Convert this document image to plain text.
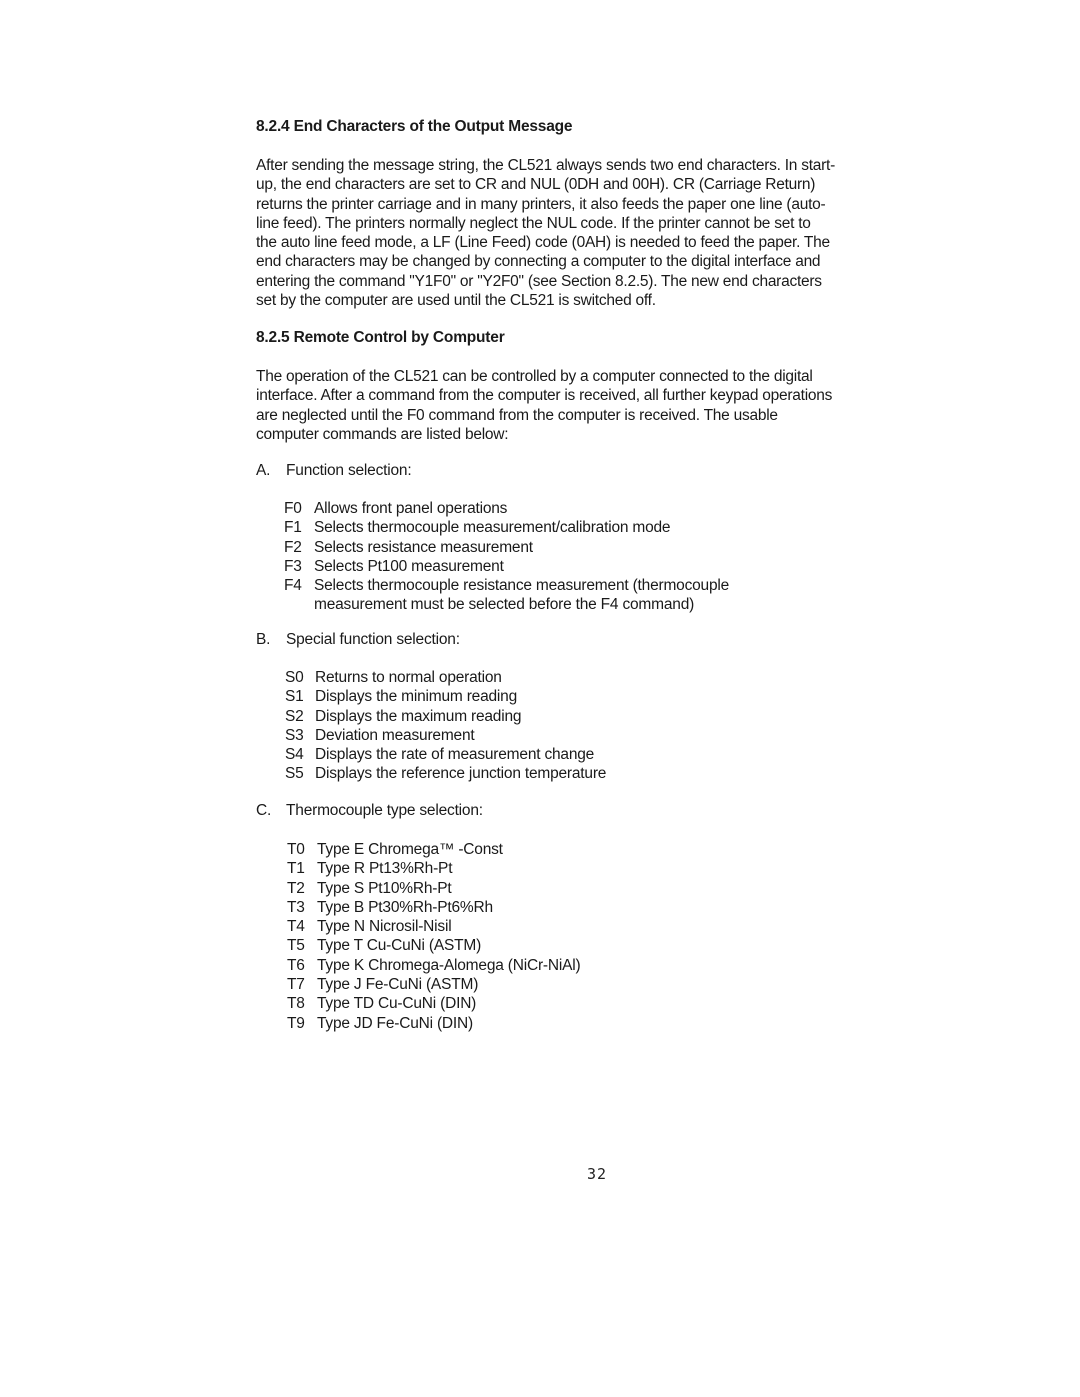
8.2.4 End Characters of the Output Message
After sending the message string, the CL521 always sends two end characters. In start-
up, the end characters are set to CR and NUL (0DH and 00H). CR (Carriage Return)
returns the printer carriage and in many printers, it also feeds the paper one line (auto-
line feed). The printers normally neglect the NUL code. If the printer cannot be set to
the auto line feed mode, a LF (Line Feed) code (0AH) is needed to feed the paper. The
end characters may be changed by connecting a computer to the digital interface and
entering the command "Y1F0" or "Y2F0" (see Section 8.2.5). The new end characters
set by the computer are used until the CL521 is switched off.
8.2.5 Remote Control by Computer
The operation of the CL521 can be controlled by a computer connected to the digital
interface. After a command from the computer is received, all further keypad operations
are neglected until the F0 command from the computer is received. The usable
computer commands are listed below:
A. Function selection:
F0 Allows front panel operations
F1 Selects thermocouple measurement/calibration mode
F2 Selects resistance measurement
F3 Selects Pt100 measurement
F4 Selects thermocouple resistance measurement (thermocouple
measurement must be selected before the F4 command)
B. Special function selection:
S0 Returns to normal operation
S1 Displays the minimum reading
S2 Displays the maximum reading
S3 Deviation measurement
S4 Displays the rate of measurement change
S5 Displays the reference junction temperature
C. Thermocouple type selection:
T0 Type E Chromega™ -Const
T1 Type R Pt13%Rh-Pt
T2 Type S Pt10%Rh-Pt
T3 Type B Pt30%Rh-Pt6%Rh
T4 Type N Nicrosil-Nisil
T5 Type T Cu-CuNi (ASTM)
T6 Type K Chromega-Alomega (NiCr-NiAl)
T7 Type J Fe-CuNi (ASTM)
T8 Type TD Cu-CuNi (DIN)
T9 Type JD Fe-CuNi (DIN)
32
